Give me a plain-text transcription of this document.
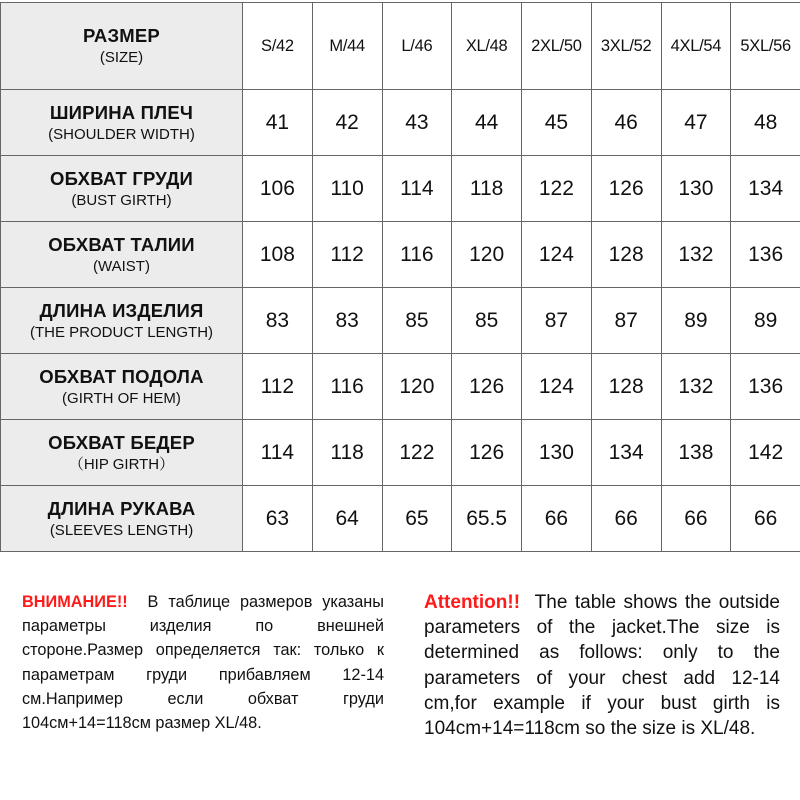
РАЗМЕР
(SIZE)	S/42	M/44	L/46	XL/48	2XL/50	3XL/52	4XL/54	5XL/56

ШИРИНА ПЛЕЧ
(SHOULDER WIDTH)	41	42	43	44	45	46	47	48

ОБХВАТ ГРУДИ
(BUST GIRTH)	106	110	114	118	122	126	130	134

ОБХВАТ ТАЛИИ
(WAIST)	108	112	116	120	124	128	132	136

ДЛИНА ИЗДЕЛИЯ
(THE PRODUCT LENGTH)	83	83	85	85	87	87	89	89

ОБХВАТ ПОДОЛА
(GIRTH OF HEM)	112	116	120	126	124	128	132	136

ОБХВАТ БЕДЕР
（HIP GIRTH）	114	118	122	126	130	134	138	142

ДЛИНА РУКАВА
(SLEEVES LENGTH)	63	64	65	65.5	66	66	66	66
ВНИМАНИЕ!! В таблице размеров указаны параметры изделия по внешней стороне.Размер определяется так: только к параметрам груди прибавляем 12-14 см.Например если обхват груди 104см+14=118см размер XL/48.
Attention!! The table shows the outside parameters of the jacket.The size is determined as follows: only to the parameters of your chest add 12-14 cm,for example if your bust girth is 104cm+14=118cm so the size is XL/48.
